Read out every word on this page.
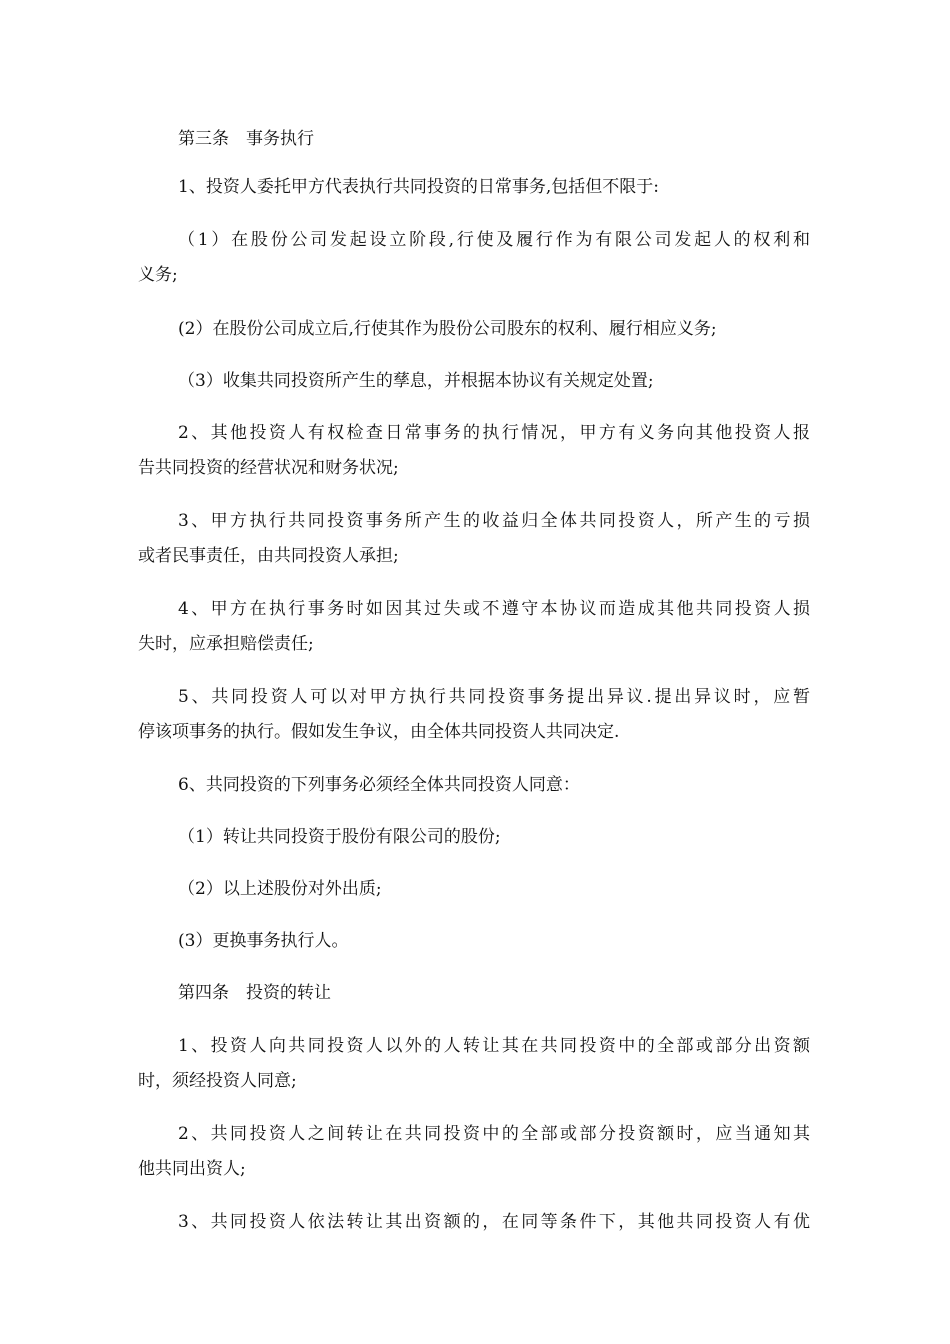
第三条　事务执行
1、投资人委托甲方代表执行共同投资的日常事务,包括但不限于:
（1）在股份公司发起设立阶段,行使及履行作为有限公司发起人的权利和
义务;
(2）在股份公司成立后,行使其作为股份公司股东的权利、履行相应义务;
（3）收集共同投资所产生的孳息，并根据本协议有关规定处置;
2、其他投资人有权检查日常事务的执行情况，甲方有义务向其他投资人报
告共同投资的经营状况和财务状况;
3、甲方执行共同投资事务所产生的收益归全体共同投资人，所产生的亏损
或者民事责任，由共同投资人承担;
4、甲方在执行事务时如因其过失或不遵守本协议而造成其他共同投资人损
失时，应承担赔偿责任;
5、共同投资人可以对甲方执行共同投资事务提出异议.提出异议时，应暂
停该项事务的执行。假如发生争议，由全体共同投资人共同决定.
6、共同投资的下列事务必须经全体共同投资人同意：
（1）转让共同投资于股份有限公司的股份;
（2）以上述股份对外出质;
(3）更换事务执行人。
第四条　投资的转让
1、投资人向共同投资人以外的人转让其在共同投资中的全部或部分出资额
时，须经投资人同意;
2、共同投资人之间转让在共同投资中的全部或部分投资额时，应当通知其
他共同出资人;
3、共同投资人依法转让其出资额的，在同等条件下，其他共同投资人有优
